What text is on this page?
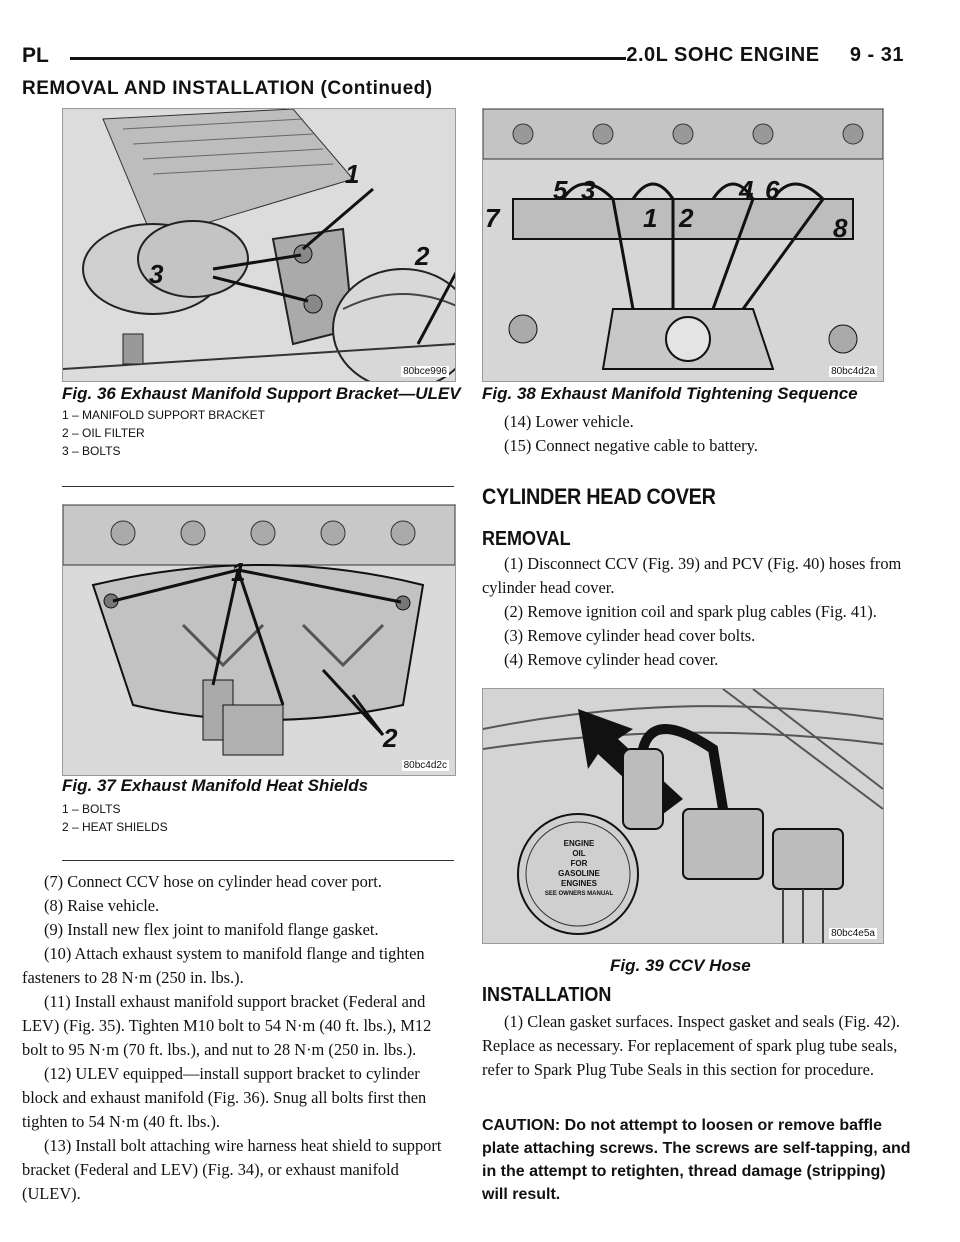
PL	2.0L SOHC ENGINE     9 - 31
REMOVAL AND INSTALLATION (Continued)
1
2
3
80bce996
Fig. 36 Exhaust Manifold Support Bracket—ULEV
1 – MANIFOLD SUPPORT BRACKET
2 – OIL FILTER
3 – BOLTS
1
2
80bc4d2c
Fig. 37 Exhaust Manifold Heat Shields
1 – BOLTS
2 – HEAT SHIELDS

(7) Connect CCV hose on cylinder head cover port.

(8) Raise vehicle.

(9) Install new flex joint to manifold flange gasket.

(10) Attach exhaust system to manifold flange and tighten fasteners to 28 N·m (250 in. lbs.).

(11) Install exhaust manifold support bracket (Federal and LEV) (Fig. 35). Tighten M10 bolt to 54 N·m (40 ft. lbs.), M12 bolt to 95 N·m (70 ft. lbs.), and nut to 28 N·m (250 in. lbs.).

(12) ULEV equipped—install support bracket to cylinder block and exhaust manifold (Fig. 36). Snug all bolts first then tighten to 54 N·m (40 ft. lbs.).

(13) Install bolt attaching wire harness heat shield to support bracket (Federal and LEV) (Fig. 34), or exhaust manifold (ULEV).

1 2
3	4
5	6
7	8
80bc4d2a
Fig. 38 Exhaust Manifold Tightening Sequence

(14) Lower vehicle.

(15) Connect negative cable to battery.

CYLINDER HEAD COVER
REMOVAL

(1) Disconnect CCV (Fig. 39) and PCV (Fig. 40) hoses from cylinder head cover.

(2) Remove ignition coil and spark plug cables (Fig. 41).

(3) Remove cylinder head cover bolts.

(4) Remove cylinder head cover.

ENGINE
OIL
FOR
GASOLINE
ENGINES
SEE OWNERS MANUAL
80bc4e5a
Fig. 39 CCV Hose
INSTALLATION

(1) Clean gasket surfaces. Inspect gasket and seals (Fig. 42). Replace as necessary. For replacement of spark plug tube seals, refer to Spark Plug Tube Seals in this section for procedure.

CAUTION: Do not attempt to loosen or remove baffle plate attaching screws. The screws are self-tapping, and in the attempt to retighten, thread damage (stripping) will result.
